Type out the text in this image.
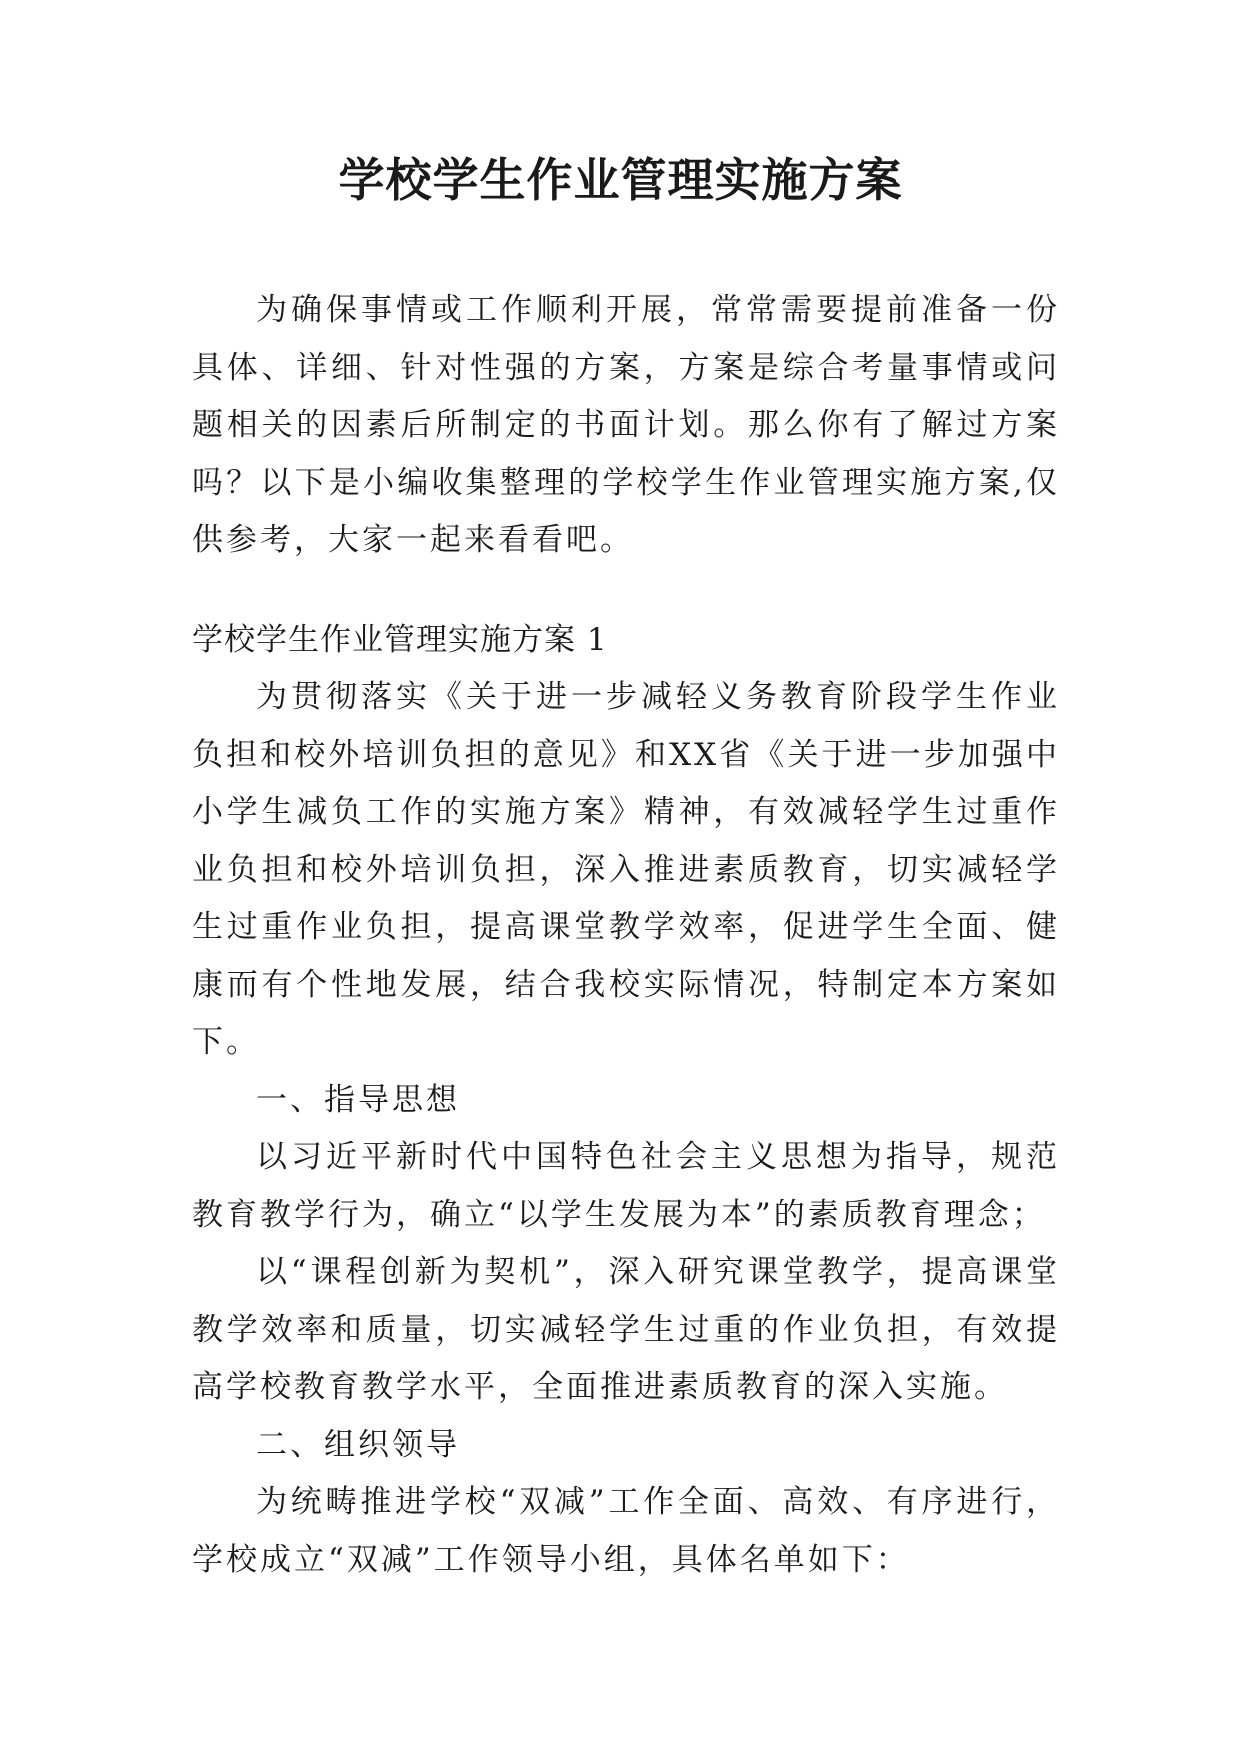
学校学生作业管理实施方案

为确保事情或工作顺利开展，常常需要提前准备一份具体、详细、针对性强的方案，方案是综合考量事情或问题相关的因素后所制定的书面计划。那么你有了解过方案吗？以下是小编收集整理的学校学生作业管理实施方案,仅供参考，大家一起来看看吧。

学校学生作业管理实施方案 1

为贯彻落实《关于进一步减轻义务教育阶段学生作业负担和校外培训负担的意见》和XX省《关于进一步加强中小学生减负工作的实施方案》精神，有效减轻学生过重作业负担和校外培训负担，深入推进素质教育，切实减轻学生过重作业负担，提高课堂教学效率，促进学生全面、健康而有个性地发展，结合我校实际情况，特制定本方案如下。

一、指导思想

以习近平新时代中国特色社会主义思想为指导，规范教育教学行为，确立“以学生发展为本”的素质教育理念；

以“课程创新为契机”，深入研究课堂教学，提高课堂教学效率和质量，切实减轻学生过重的作业负担，有效提高学校教育教学水平，全面推进素质教育的深入实施。

二、组织领导

为统畴推进学校“双减”工作全面、高效、有序进行，学校成立“双减”工作领导小组，具体名单如下：
